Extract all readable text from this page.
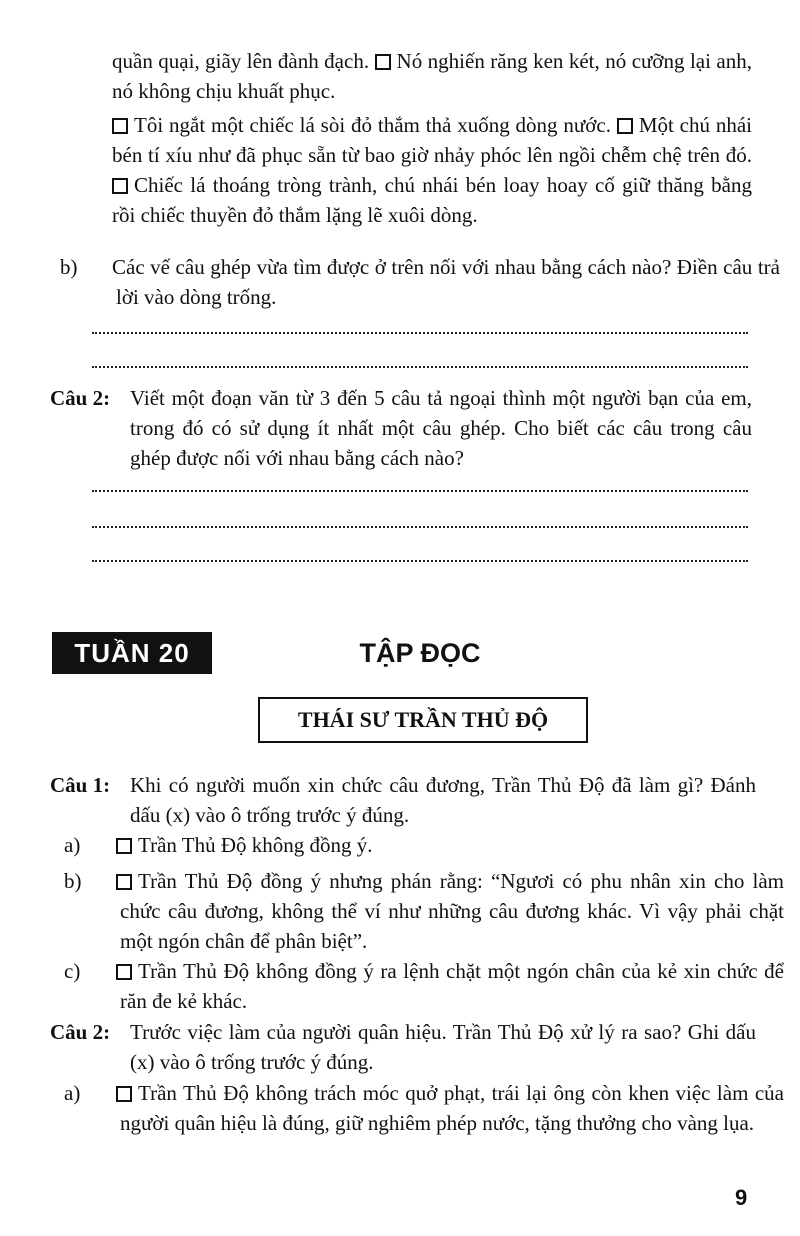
quần quại, giãy lên đành đạch. Nó nghiến răng ken két, nó cưỡng lại anh, nó không chịu khuất phục.

Tôi ngắt một chiếc lá sòi đỏ thắm thả xuống dòng nước. Một chú nhái bén tí xíu như đã phục sẵn từ bao giờ nhảy phóc lên ngồi chễm chệ trên đó. Chiếc lá thoáng tròng trành, chú nhái bén loay hoay cố giữ thăng bằng rồi chiếc thuyền đỏ thắm lặng lẽ xuôi dòng.

b) Các vế câu ghép vừa tìm được ở trên nối với nhau bằng cách nào? Điền câu trả lời vào dòng trống.
Câu 2: Viết một đoạn văn từ 3 đến 5 câu tả ngoại thình một người bạn của em, trong đó có sử dụng ít nhất một câu ghép. Cho biết các câu trong câu ghép được nối với nhau bằng cách nào?
TUẦN 20	TẬP ĐỌC
THÁI SƯ TRẦN THỦ ĐỘ
Câu 1: Khi có người muốn xin chức câu đương, Trần Thủ Độ đã làm gì? Đánh dấu (x) vào ô trống trước ý đúng.
a)	Trần Thủ Độ không đồng ý.
b)	Trần Thủ Độ đồng ý nhưng phán rằng: “Ngươi có phu nhân xin cho làm chức câu đương, không thể ví như những câu đương khác. Vì vậy phải chặt một ngón chân để phân biệt”.
c)	Trần Thủ Độ không đồng ý ra lệnh chặt một ngón chân của kẻ xin chức để răn đe kẻ khác.
Câu 2: Trước việc làm của người quân hiệu. Trần Thủ Độ xử lý ra sao? Ghi dấu (x) vào ô trống trước ý đúng.
a)	Trần Thủ Độ không trách móc quở phạt, trái lại ông còn khen việc làm của người quân hiệu là đúng, giữ nghiêm phép nước, tặng thưởng cho vàng lụa.
9
